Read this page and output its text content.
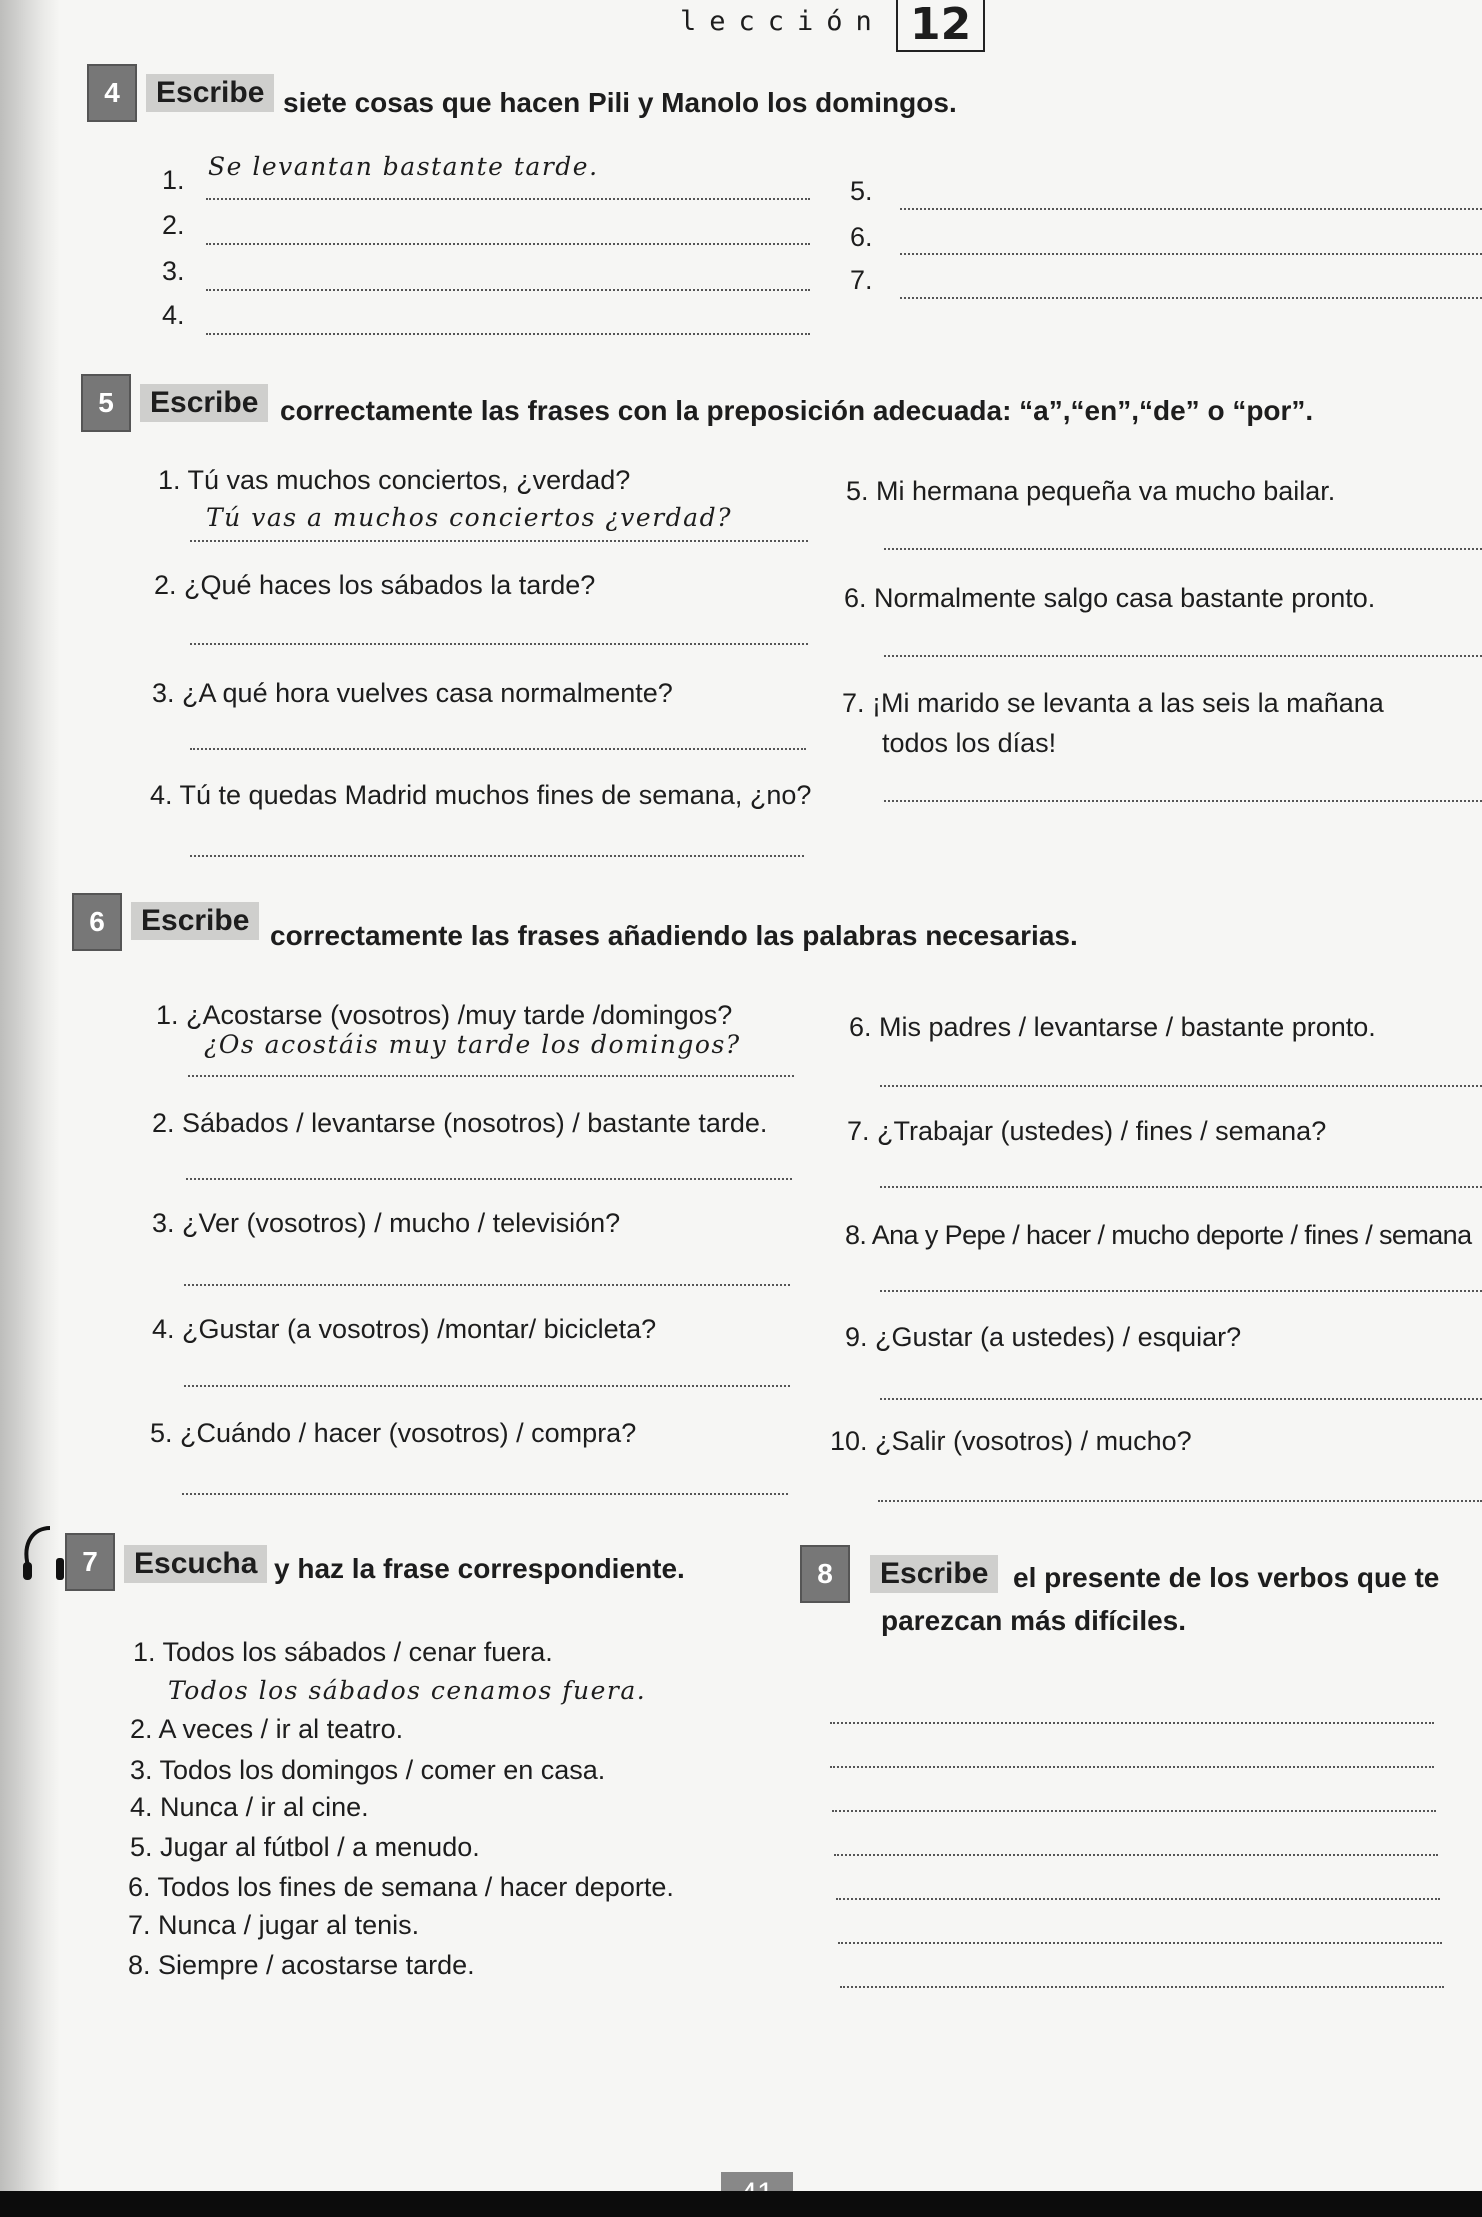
lección 12
4	Escribe siete cosas que hacen Pili y Manolo los domingos.
1. Se levantan bastante tarde.
2.
3.
4.
5.
6.
7.
5	Escribe correctamente las frases con la preposición adecuada: “a”,“en”,“de” o “por”.
1. Tú vas muchos conciertos, ¿verdad?
Tú vas a muchos conciertos ¿verdad?
2. ¿Qué haces los sábados la tarde?
3. ¿A qué hora vuelves casa normalmente?
4. Tú te quedas Madrid muchos fines de semana, ¿no?
5. Mi hermana pequeña va mucho bailar.
6. Normalmente salgo casa bastante pronto.
7. ¡Mi marido se levanta a las seis la mañana
todos los días!
6	Escribe correctamente las frases añadiendo las palabras necesarias.
1. ¿Acostarse (vosotros) /muy tarde /domingos?
¿Os acostáis muy tarde los domingos?
2. Sábados / levantarse (nosotros) / bastante tarde.
3. ¿Ver (vosotros) / mucho / televisión?
4. ¿Gustar (a vosotros) /montar/ bicicleta?
5. ¿Cuándo / hacer (vosotros) / compra?
6. Mis padres / levantarse / bastante pronto.
7. ¿Trabajar (ustedes) / fines / semana?
8. Ana y Pepe / hacer / mucho deporte / fines / semana
9. ¿Gustar (a ustedes) / esquiar?
10. ¿Salir (vosotros) / mucho?
7	Escucha y haz la frase correspondiente.
1. Todos los sábados / cenar fuera.
Todos los sábados cenamos fuera.
2. A veces / ir al teatro.
3. Todos los domingos / comer en casa.
4. Nunca / ir al cine.
5. Jugar al fútbol / a menudo.
6. Todos los fines de semana / hacer deporte.
7. Nunca / jugar al tenis.
8. Siempre / acostarse tarde.
8	Escribe el presente de los verbos que te
parezcan más difíciles.
